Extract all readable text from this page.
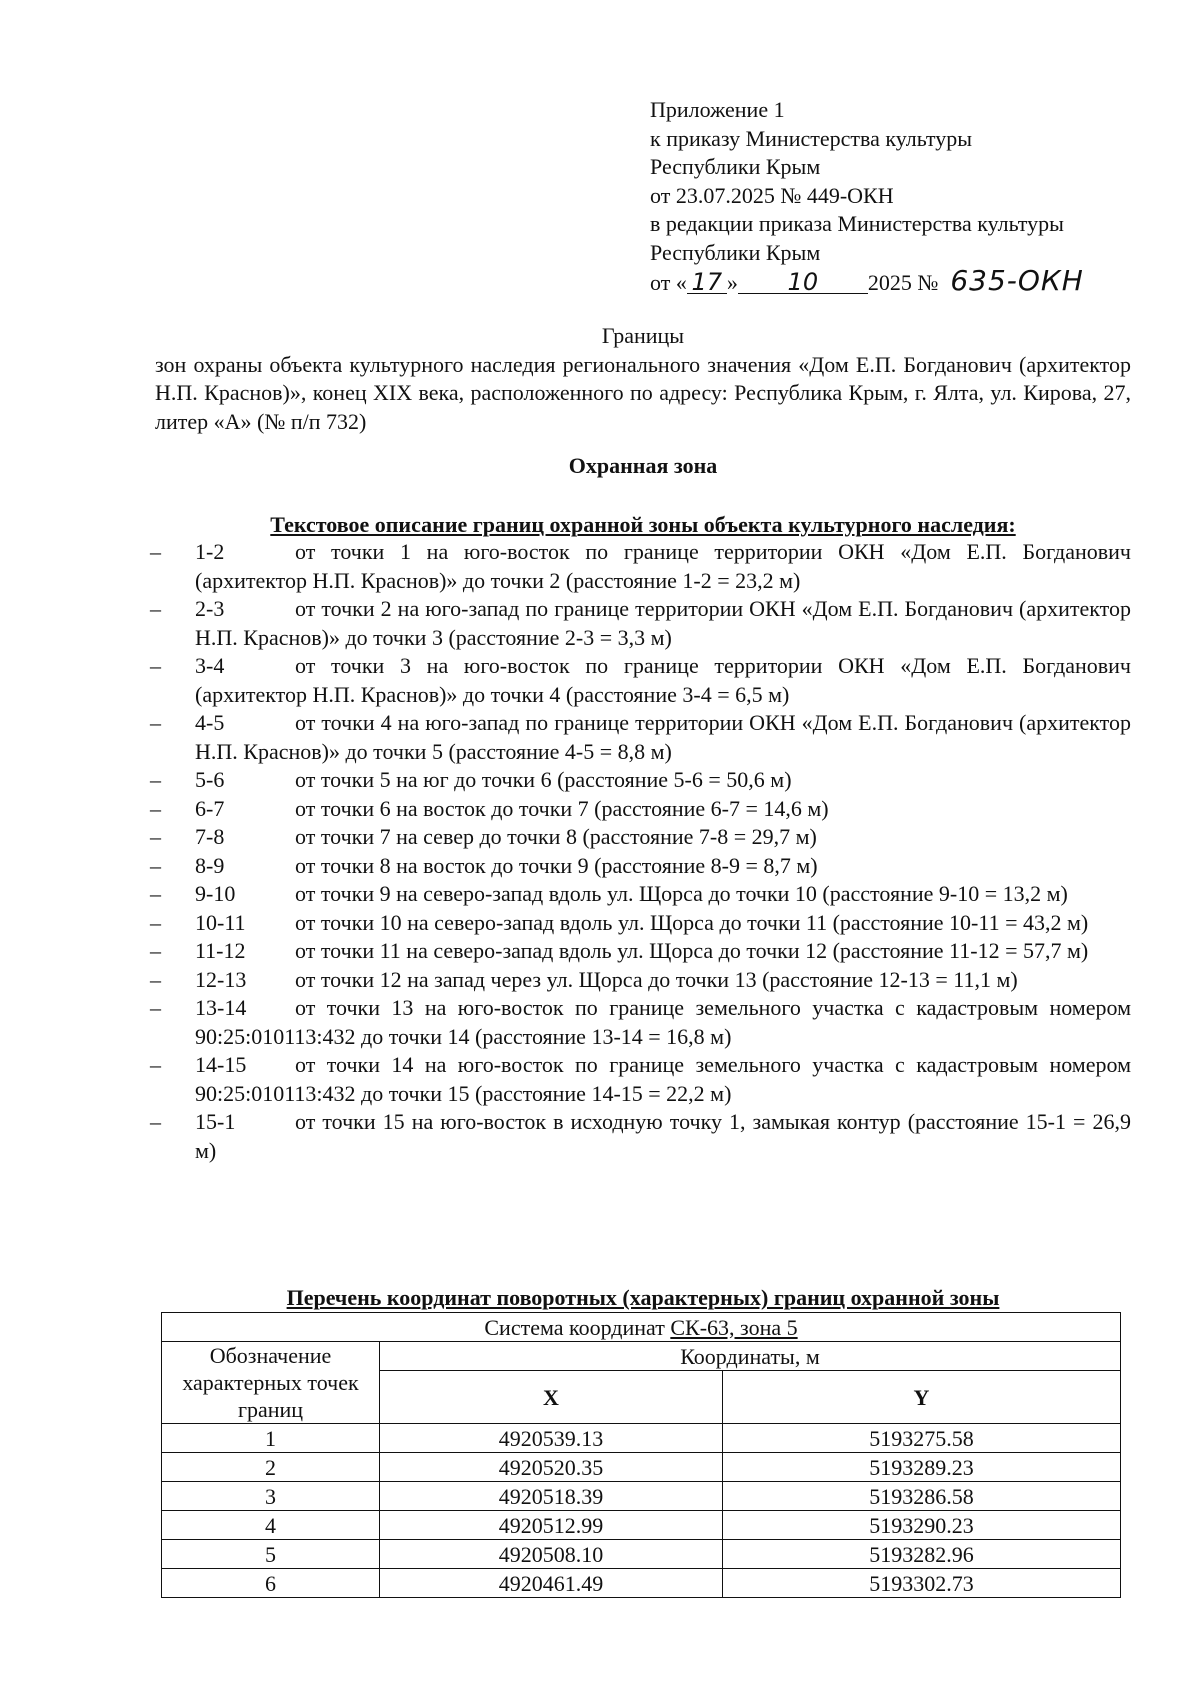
Приложение 1
к приказу Министерства культуры
Республики Крым
от 23.07.2025 № 449-ОКН
в редакции приказа Министерства культуры
Республики Крым
от « 17 » 10 2025 № 635-ОКН
Границы
зон охраны объекта культурного наследия регионального значения «Дом Е.П. Богданович (архитектор Н.П. Краснов)», конец XIX века, расположенного по адресу: Республика Крым, г. Ялта, ул. Кирова, 27, литер «А» (№ п/п 732)
Охранная зона
Текстовое описание границ охранной зоны объекта культурного наследия:
– 1-2	от точки 1 на юго-восток по границе территории ОКН «Дом Е.П. Богданович (архитектор Н.П. Краснов)» до точки 2 (расстояние 1-2 = 23,2 м)
– 2-3	от точки 2 на юго-запад по границе территории ОКН «Дом Е.П. Богданович (архитектор Н.П. Краснов)» до точки 3 (расстояние 2-3 = 3,3 м)
– 3-4	от точки 3 на юго-восток по границе территории ОКН «Дом Е.П. Богданович (архитектор Н.П. Краснов)» до точки 4 (расстояние 3-4 = 6,5 м)
– 4-5	от точки 4 на юго-запад по границе территории ОКН «Дом Е.П. Богданович (архитектор Н.П. Краснов)» до точки 5 (расстояние 4-5 = 8,8 м)
– 5-6	от точки 5 на юг до точки 6 (расстояние 5-6 = 50,6 м)
– 6-7	от точки 6 на восток до точки 7 (расстояние 6-7 = 14,6 м)
– 7-8	от точки 7 на север до точки 8 (расстояние 7-8 = 29,7 м)
– 8-9	от точки 8 на восток до точки 9 (расстояние 8-9 = 8,7 м)
– 9-10	от точки 9 на северо-запад вдоль ул. Щорса до точки 10 (расстояние 9-10 = 13,2 м)
– 10-11 от точки 10 на северо-запад вдоль ул. Щорса до точки 11 (расстояние 10-11 = 43,2 м)
– 11-12 от точки 11 на северо-запад вдоль ул. Щорса до точки 12 (расстояние 11-12 = 57,7 м)
– 12-13 от точки 12 на запад через ул. Щорса до точки 13 (расстояние 12-13 = 11,1 м)
– 13-14 от точки 13 на юго-восток по границе земельного участка с кадастровым номером 90:25:010113:432 до точки 14 (расстояние 13-14 = 16,8 м)
– 14-15 от точки 14 на юго-восток по границе земельного участка с кадастровым номером 90:25:010113:432 до точки 15 (расстояние 14-15 = 22,2 м)
– 15-1	от точки 15 на юго-восток в исходную точку 1, замыкая контур (расстояние 15-1 = 26,9 м)
Перечень координат поворотных (характерных) границ охранной зоны
Система координат СК-63, зона 5		
Обозначение характерных точек границ	Координаты, м	
	X	Y
1	4920539.13	5193275.58
2	4920520.35	5193289.23
3	4920518.39	5193286.58
4	4920512.99	5193290.23
5	4920508.10	5193282.96
6	4920461.49	5193302.73
